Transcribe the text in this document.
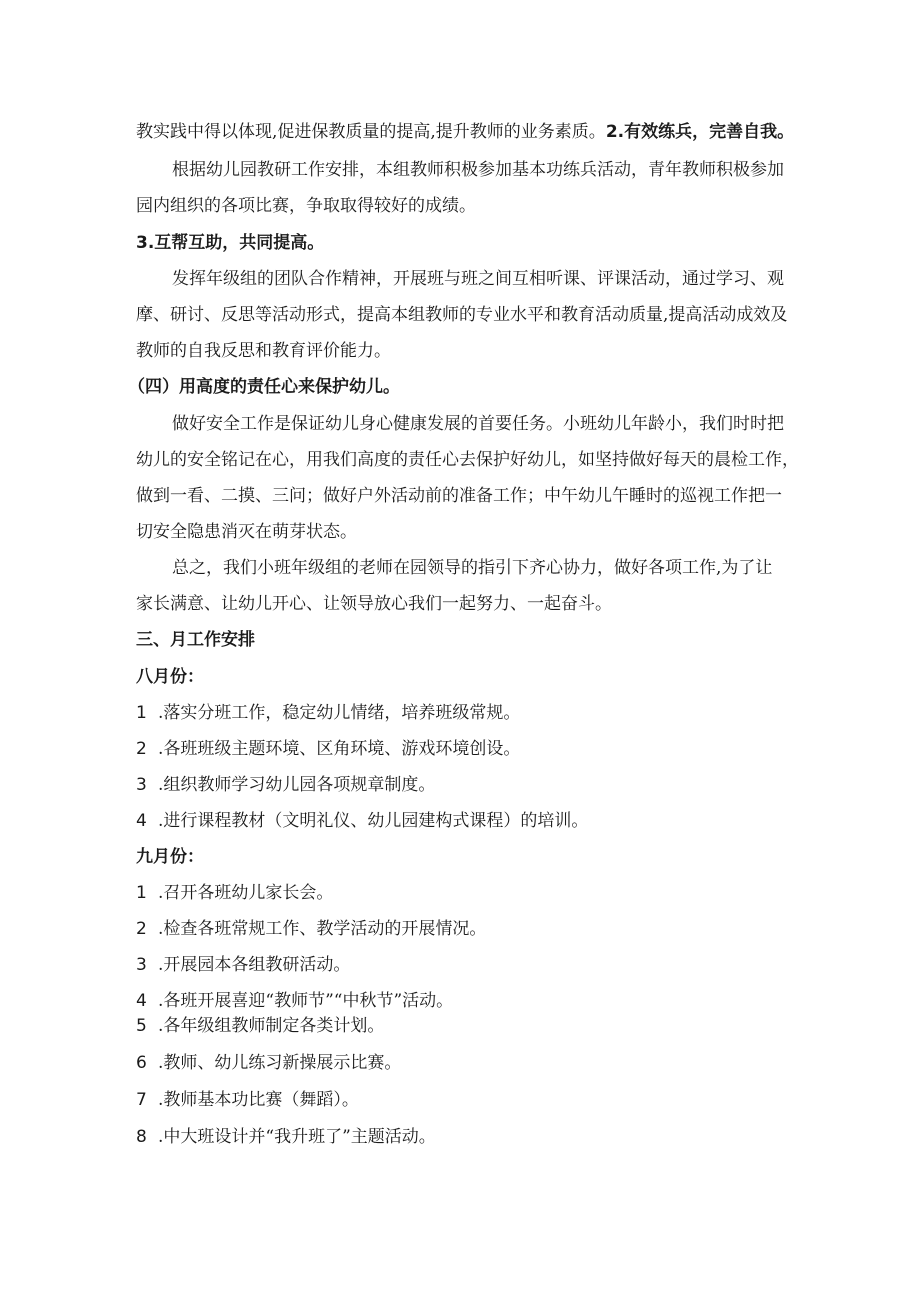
教实践中得以体现,促进保教质量的提高,提升教师的业务素质。2.有效练兵，完善自我。
根据幼儿园教研工作安排，本组教师积极参加基本功练兵活动，青年教师积极参加
园内组织的各项比赛，争取取得较好的成绩。
3.互帮互助，共同提高。
发挥年级组的团队合作精神，开展班与班之间互相听课、评课活动，通过学习、观
摩、研讨、反思等活动形式，提高本组教师的专业水平和教育活动质量,提高活动成效及
教师的自我反思和教育评价能力。
（四）用高度的责任心来保护幼儿。
做好安全工作是保证幼儿身心健康发展的首要任务。小班幼儿年龄小，我们时时把
幼儿的安全铭记在心，用我们高度的责任心去保护好幼儿，如坚持做好每天的晨检工作，
做到一看、二摸、三问；做好户外活动前的准备工作；中午幼儿午睡时的巡视工作把一
切安全隐患消灭在萌芽状态。
总之，我们小班年级组的老师在园领导的指引下齐心协力，做好各项工作,为了让
家长满意、让幼儿开心、让领导放心我们一起努力、一起奋斗。
三、月工作安排
八月份：
1 .落实分班工作，稳定幼儿情绪，培养班级常规。
2 .各班班级主题环境、区角环境、游戏环境创设。
3 .组织教师学习幼儿园各项规章制度。
4 .进行课程教材（文明礼仪、幼儿园建构式课程）的培训。
九月份：
1 .召开各班幼儿家长会。
2 .检查各班常规工作、教学活动的开展情况。
3 .开展园本各组教研活动。
4 .各班开展喜迎“教师节”“中秋节”活动。
5 .各年级组教师制定各类计划。
6 .教师、幼儿练习新操展示比赛。
7 .教师基本功比赛（舞蹈）。
8 .中大班设计并“我升班了”主题活动。
